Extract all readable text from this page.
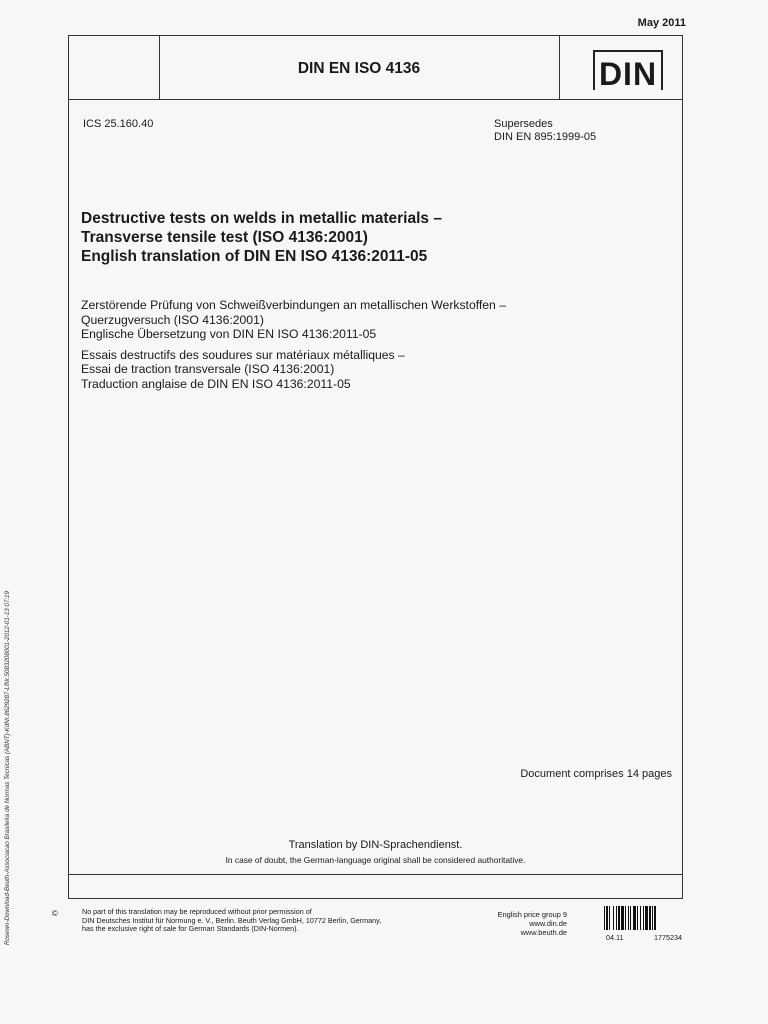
May 2011
DIN EN ISO 4136	DIN
ICS 25.160.40	Supersedes
DIN EN 895:1999-05
Destructive tests on welds in metallic materials –
Transverse tensile test (ISO 4136:2001)
English translation of DIN EN ISO 4136:2011-05
Zerstörende Prüfung von Schweißverbindungen an metallischen Werkstoffen –
Querzugversuch (ISO 4136:2001)
Englische Übersetzung von DIN EN ISO 4136:2011-05
Essais destructifs des soudures sur matériaux métalliques –
Essai de traction transversale (ISO 4136:2001)
Traduction anglaise de DIN EN ISO 4136:2011-05
Document comprises 14 pages
Translation by DIN-Sprachendienst.
In case of doubt, the German-language original shall be considered authoritative.
©	No part of this translation may be reproduced without prior permission of
DIN Deutsches Institut für Normung e. V., Berlin. Beuth Verlag GmbH, 10772 Berlin, Germany,
has the exclusive right of sale for German Standards (DIN-Normen).
English price group 9
www.din.de
www.beuth.de
04.11	1775234
Rosewn-Download-Beuth-Associacao Brasileira de Normas Tecnicas (ABNT)-KdNr.8629287-LfNr.5083208001-2012-01-13 07:19
